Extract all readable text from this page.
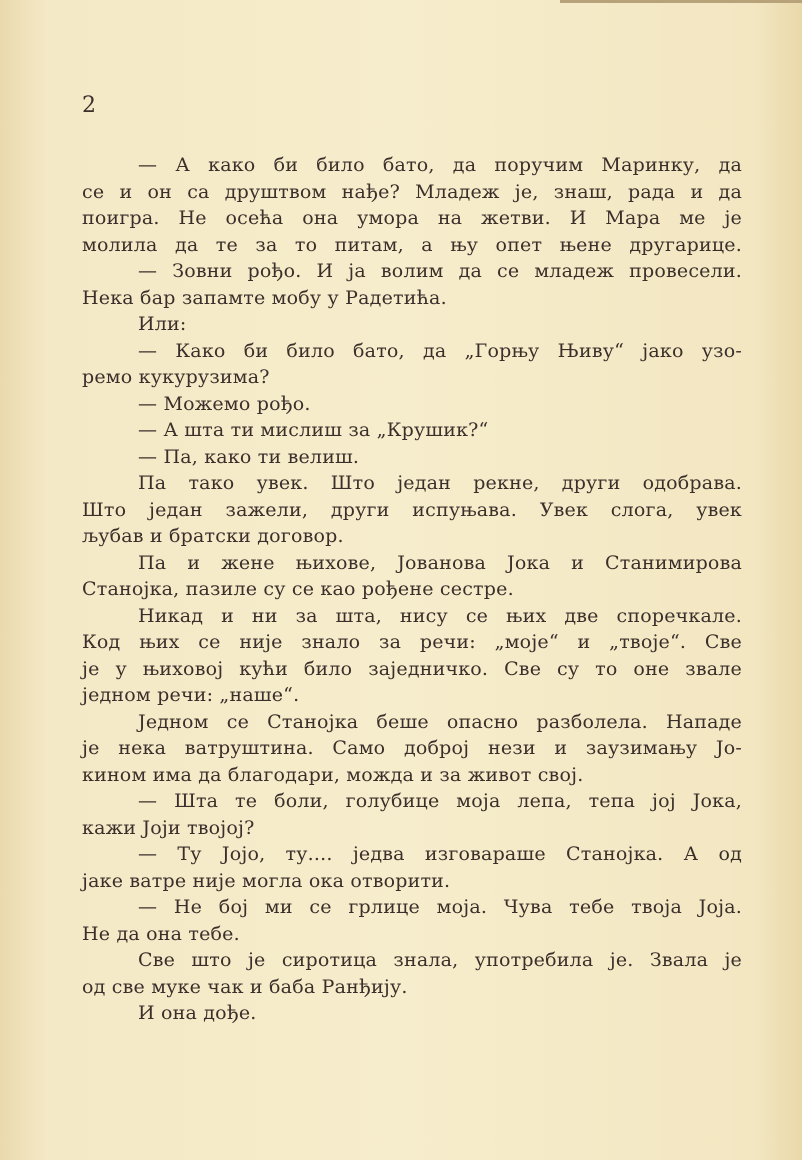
2
— А како би било бато, да поручим Маринку, да
се и он са друштвом нађе? Младеж је, знаш, рада и да
поигра. Не осећа она умора на жетви. И Мара ме је
молила да те за то питам, а њу опет њене другарице.
— Зовни рођо. И ја волим да се младеж провесели.
Нека бар запамте мобу у Радетића.
Или:
— Како би било бато, да „Горњу Њиву“ јако узо-
ремо кукурузима?
— Можемо рођо.
— А шта ти мислиш за „Крушик?“
— Па, како ти велиш.
Па тако увек. Што један рекне, други одобрава.
Што један зажели, други испуњава. Увек слога, увек
љубав и братски договор.
Па и жене њихове, Јованова Јока и Станимирова
Станојка, пазиле су се као рођене сестре.
Никад и ни за шта, нису се њих две споречкале.
Код њих се није знало за речи: „моје“ и „твоје“. Све
је у њиховој кући било заједничко. Све су то оне звале
једном речи: „наше“.
Једном се Станојка беше опасно разболела. Нападе
је нека ватруштина. Само доброј нези и заузимању Јо-
кином има да благодари, можда и за живот свој.
— Шта те боли, голубице моја лепа, тепа јој Јока,
кажи Јоји твојој?
— Ту Јојо, ту.... једва изговараше Станојка. А од
јаке ватре није могла ока отворити.
— Не бој ми се грлице моја. Чува тебе твоја Јоја.
Не да она тебе.
Све што је сиротица знала, употребила је. Звала је
од све муке чак и баба Ранђију.
И она дође.
